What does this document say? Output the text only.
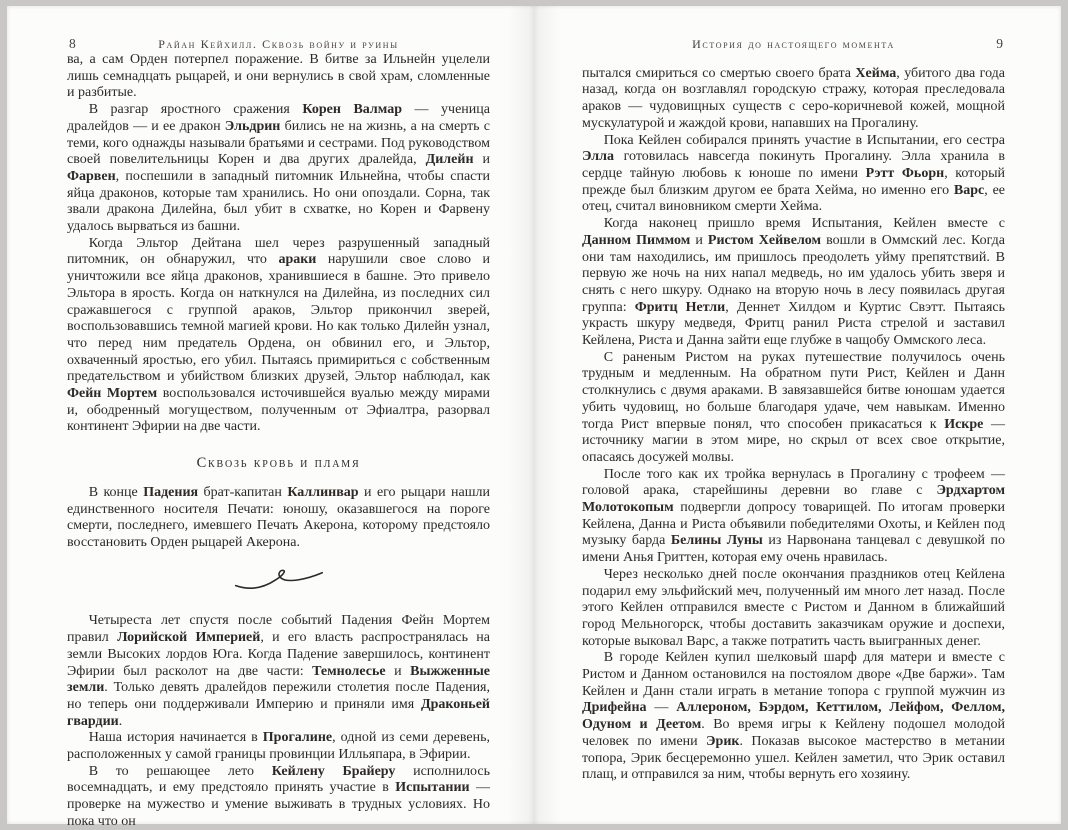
8	Райан Кейхилл. Сквозь войну и руины

ва, а сам Орден потерпел поражение. В битве за Ильнейн уцелели лишь семнадцать рыцарей, и они вернулись в свой храм, сломленные и разбитые.

В разгар яростного сражения Корен Валмар — ученица дралейдов — и ее дракон Эльдрин бились не на жизнь, а на смерть с теми, кого однажды называли братьями и сестрами. Под руководством своей повелительницы Корен и два других дралейда, Дилейн и Фарвен, поспешили в западный питомник Ильнейна, чтобы спасти яйца драконов, которые там хранились. Но они опоздали. Сорна, так звали дракона Дилейна, был убит в схватке, но Корен и Фарвену удалось вырваться из башни.

Когда Эльтор Дейтана шел через разрушенный западный питомник, он обнаружил, что араки нарушили свое слово и уничтожили все яйца драконов, хранившиеся в башне. Это привело Эльтора в ярость. Когда он наткнулся на Дилейна, из последних сил сражавшегося с группой араков, Эльтор прикончил зверей, воспользовавшись темной магией крови. Но как только Дилейн узнал, что перед ним предатель Ордена, он обвинил его, и Эльтор, охваченный яростью, его убил. Пытаясь примириться с собственным предательством и убийством близких друзей, Эльтор наблюдал, как Фейн Мортем воспользовался источившейся вуалью между мирами и, ободренный могуществом, полученным от Эфиалтра, разорвал континент Эфирии на две части.

Сквозь кровь и пламя

В конце Падения брат-капитан Каллинвар и его рыцари нашли единственного носителя Печати: юношу, оказавшегося на пороге смерти, последнего, имевшего Печать Акерона, которому предстояло восстановить Орден рыцарей Акерона.

Четыреста лет спустя после событий Падения Фейн Мортем правил Лорийской Империей, и его власть распространялась на земли Высоких лордов Юга. Когда Падение завершилось, континент Эфирии был расколот на две части: Темнолесье и Выжженные земли. Только девять дралейдов пережили столетия после Падения, но теперь они поддерживали Империю и приняли имя Драконьей гвардии.

Наша история начинается в Прогалине, одной из семи деревень, расположенных у самой границы провинции Илльяпара, в Эфирии.

В то решающее лето Кейлену Брайеру исполнилось восемнадцать, и ему предстояло принять участие в Испытании — проверке на мужество и умение выживать в трудных условиях. Но пока что он

История до настоящего момента	9

пытался смириться со смертью своего брата Хейма, убитого два года назад, когда он возглавлял городскую стражу, которая преследовала араков — чудовищных существ с серо-коричневой кожей, мощной мускулатурой и жаждой крови, напавших на Прогалину.

Пока Кейлен собирался принять участие в Испытании, его сестра Элла готовилась навсегда покинуть Прогалину. Элла хранила в сердце тайную любовь к юноше по имени Рэтт Фьорн, который прежде был близким другом ее брата Хейма, но именно его Варс, ее отец, считал виновником смерти Хейма.

Когда наконец пришло время Испытания, Кейлен вместе с Данном Пиммом и Ристом Хейвелом вошли в Оммский лес. Когда они там находились, им пришлось преодолеть уйму препятствий. В первую же ночь на них напал медведь, но им удалось убить зверя и снять с него шкуру. Однако на вторую ночь в лесу появилась другая группа: Фритц Нетли, Деннет Хилдом и Куртис Свэтт. Пытаясь украсть шкуру медведя, Фритц ранил Риста стрелой и заставил Кейлена, Риста и Данна зайти еще глубже в чащобу Оммского леса.

С раненым Ристом на руках путешествие получилось очень трудным и медленным. На обратном пути Рист, Кейлен и Данн столкнулись с двумя араками. В завязавшейся битве юношам удается убить чудовищ, но больше благодаря удаче, чем навыкам. Именно тогда Рист впервые понял, что способен прикасаться к Искре — источнику магии в этом мире, но скрыл от всех свое открытие, опасаясь досужей молвы.

После того как их тройка вернулась в Прогалину с трофеем — головой арака, старейшины деревни во главе с Эрдхартом Молотокопым подвергли допросу товарищей. По итогам проверки Кейлена, Данна и Риста объявили победителями Охоты, и Кейлен под музыку барда Белины Луны из Нарвонана танцевал с девушкой по имени Анья Гриттен, которая ему очень нравилась.

Через несколько дней после окончания праздников отец Кейлена подарил ему эльфийский меч, полученный им много лет назад. После этого Кейлен отправился вместе с Ристом и Данном в ближайший город Мельногорск, чтобы доставить заказчикам оружие и доспехи, которые выковал Варс, а также потратить часть выигранных денег.

В городе Кейлен купил шелковый шарф для матери и вместе с Ристом и Данном остановился на постоялом дворе «Две баржи». Там Кейлен и Данн стали играть в метание топора с группой мужчин из Дрифейна — Аллероном, Бэрдом, Кеттилом, Лейфом, Феллом, Одуном и Деетом. Во время игры к Кейлену подошел молодой человек по имени Эрик. Показав высокое мастерство в метании топора, Эрик бесцеремонно ушел. Кейлен заметил, что Эрик оставил плащ, и отправился за ним, чтобы вернуть его хозяину.
